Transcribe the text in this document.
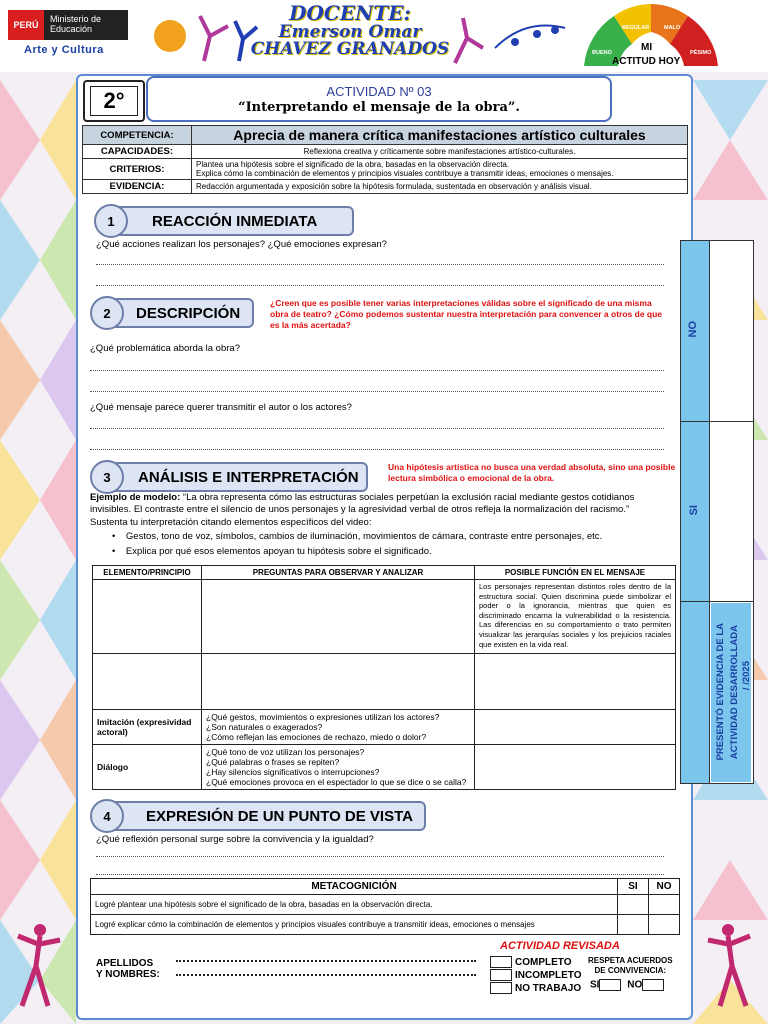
PERÚ
Ministerio de Educación
Arte y Cultura
DOCENTE:
Emerson Omar
CHAVEZ GRANADOS
REGULAR	MALO
BUENO	PÉSIMO
MI
ACTITUD HOY
2°	ACTIVIDAD Nº 03
“Interpretando el mensaje de la obra”.
COMPETENCIA:	Aprecia de manera crítica manifestaciones artístico culturales
CAPACIDADES:	Reflexiona creativa y críticamente sobre manifestaciones artístico-culturales.
CRITERIOS:	Plantea una hipótesis sobre el significado de la obra, basadas en la observación directa.
Explica cómo la combinación de elementos y principios visuales contribuye a transmitir ideas, emociones o mensajes.

EVIDENCIA:	Redacción argumentada y exposición sobre la hipótesis formulada, sustentada en observación y análisis visual.
REACCIÓN INMEDIATA
1
¿Qué acciones realizan los personajes? ¿Qué emociones expresan?
DESCRIPCIÓN
2
¿Creen que es posible tener varias interpretaciones válidas sobre el significado de una misma obra de teatro? ¿Cómo podemos sustentar nuestra interpretación para convencer a otros de que es la más acertada?
¿Qué problemática aborda la obra?
¿Qué mensaje parece querer transmitir el autor o los actores?
ANÁLISIS E INTERPRETACIÓN
3
Una hipótesis artística no busca una verdad absoluta, sino una posible lectura simbólica o emocional de la obra.
Ejemplo de modelo: “La obra representa cómo las estructuras sociales perpetúan la exclusión racial mediante gestos cotidianos invisibles. El contraste entre el silencio de unos personajes y la agresividad verbal de otros refleja la normalización del racismo.”
Sustenta tu interpretación citando elementos específicos del video:
•    Gestos, tono de voz, símbolos, cambios de iluminación, movimientos de cámara, contraste entre personajes, etc.
•    Explica por qué esos elementos apoyan tu hipótesis sobre el significado.
ELEMENTO/PRINCIPIO	PREGUNTAS PARA OBSERVAR Y ANALIZAR	POSIBLE FUNCIÓN EN EL MENSAJE
		Los personajes representan distintos roles dentro de la estructura social. Quien discrimina puede simbolizar el poder o la ignorancia, mientras que quien es discriminado encarna la vulnerabilidad o la resistencia. Las diferencias en su comportamiento o trato permiten visualizar las jerarquías sociales y los prejuicios raciales que existen en la vida real.

Imitación (expresividad actoral)	¿Qué gestos, movimientos o expresiones utilizan los actores?
¿Son naturales o exagerados?
¿Cómo reflejan las emociones de rechazo, miedo o dolor?	

Diálogo	¿Qué tono de voz utilizan los personajes?
¿Qué palabras o frases se repiten?
¿Hay silencios significativos o interrupciones?
¿Qué emociones provoca en el espectador lo que se dice o se calla?	

EXPRESIÓN DE UN PUNTO DE VISTA
4
¿Qué reflexión personal surge sobre la convivencia y la igualdad?
NO
SI
PRESENTÓ EVIDENCIA DE LA ACTIVIDAD DESARROLLADA / /2025
METACOGNICIÓN	SI	NO
Logré plantear una hipótesis sobre el significado de la obra, basadas en la observación directa.		
Logré explicar cómo la combinación de elementos y principios visuales contribuye a transmitir ideas, emociones o mensajes		
APELLIDOS
Y NOMBRES:
ACTIVIDAD REVISADA
COMPLETO
INCOMPLETO
NO TRABAJO
RESPETA ACUERDOS
DE CONVIVENCIA:
SI	NO
